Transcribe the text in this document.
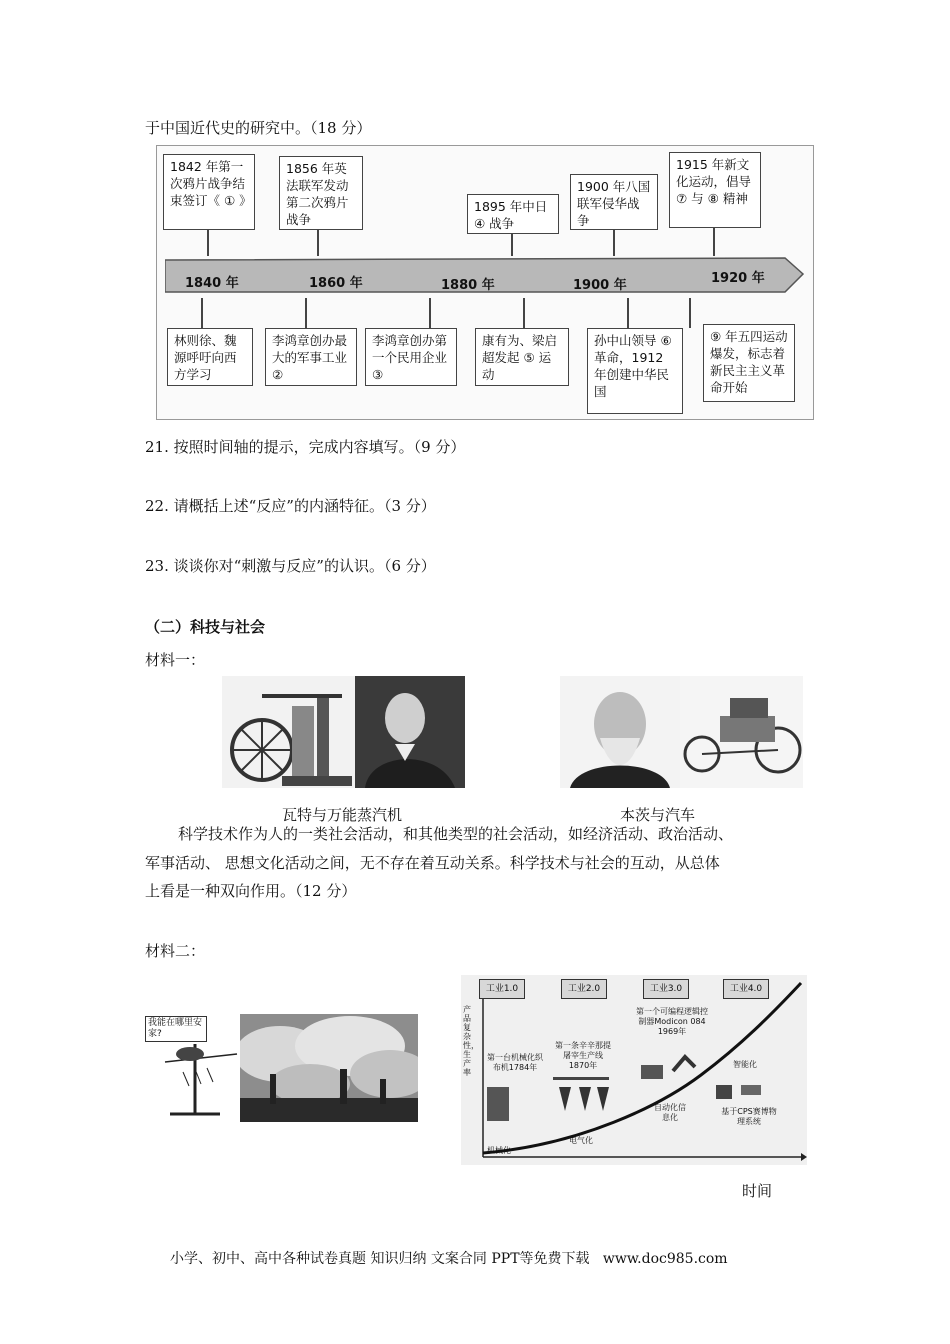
于中国近代史的研究中。（18 分）
1840 年	1860 年	1880 年	1900 年	1920 年
1842 年第一次鸦片战争结束签订《 ① 》
1856 年英法联军发动第二次鸦片战争
1895 年中日 ④ 战争
1900 年八国联军侵华战争
1915 年新文化运动，倡导 ⑦ 与 ⑧ 精神
林则徐、魏源呼吁向西方学习
李鸿章创办最大的军事工业 ②
李鸿章创办第一个民用企业 ③
康有为、梁启超发起 ⑤ 运动
孙中山领导 ⑥ 革命，1912 年创建中华民国
⑨ 年五四运动爆发，标志着新民主主义革命开始
21. 按照时间轴的提示，完成内容填写。（9 分）
22. 请概括上述“反应”的内涵特征。（3 分）
23. 谈谈你对“刺激与反应”的认识。（6 分）
（二）科技与社会
材料一：
瓦特与万能蒸汽机	本茨与汽车
科学技术作为人的一类社会活动，和其他类型的社会活动，如经济活动、政治活动、
军事活动、 思想文化活动之间，无不存在着互动关系。科学技术与社会的互动，从总体
上看是一种双向作用。（12 分）
材料二：
我能在哪里安家?
产品复杂性，生产率
工业1.0	工业2.0	工业3.0	工业4.0
第一台机械化织布机1784年
第一条辛辛那提屠宰生产线1870年
第一个可编程逻辑控制器Modicon 084 1969年
智能化
机械化
电气化
自动化信息化
基于CPS赛博物理系统
时间
小学、初中、高中各种试卷真题 知识归纳 文案合同 PPT等免费下载   www.doc985.com
